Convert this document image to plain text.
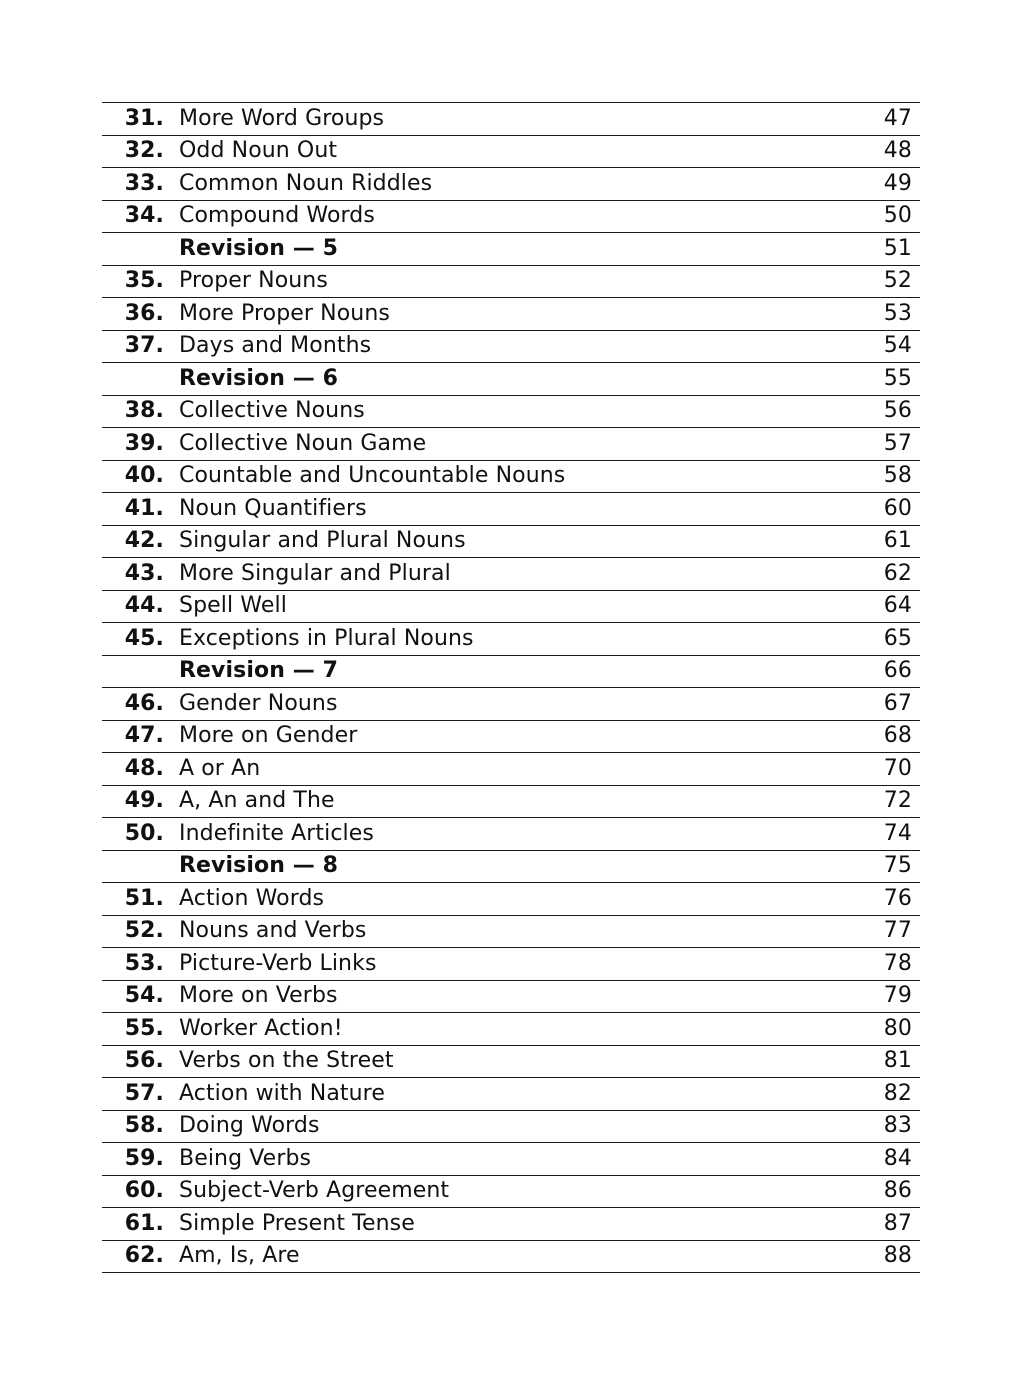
31. More Word Groups	47
32. Odd Noun Out	48
33. Common Noun Riddles	49
34. Compound Words	50
Revision — 5	51
35. Proper Nouns	52
36. More Proper Nouns	53
37. Days and Months	54
Revision — 6	55
38. Collective Nouns	56
39. Collective Noun Game	57
40. Countable and Uncountable Nouns	58
41. Noun Quantifiers	60
42. Singular and Plural Nouns	61
43. More Singular and Plural	62
44. Spell Well	64
45. Exceptions in Plural Nouns	65
Revision — 7	66
46. Gender Nouns	67
47. More on Gender	68
48. A or An	70
49. A, An and The	72
50. Indefinite Articles	74
Revision — 8	75
51. Action Words	76
52. Nouns and Verbs	77
53. Picture-Verb Links	78
54. More on Verbs	79
55. Worker Action!	80
56. Verbs on the Street	81
57. Action with Nature	82
58. Doing Words	83
59. Being Verbs	84
60. Subject-Verb Agreement	86
61. Simple Present Tense	87
62. Am, Is, Are	88
